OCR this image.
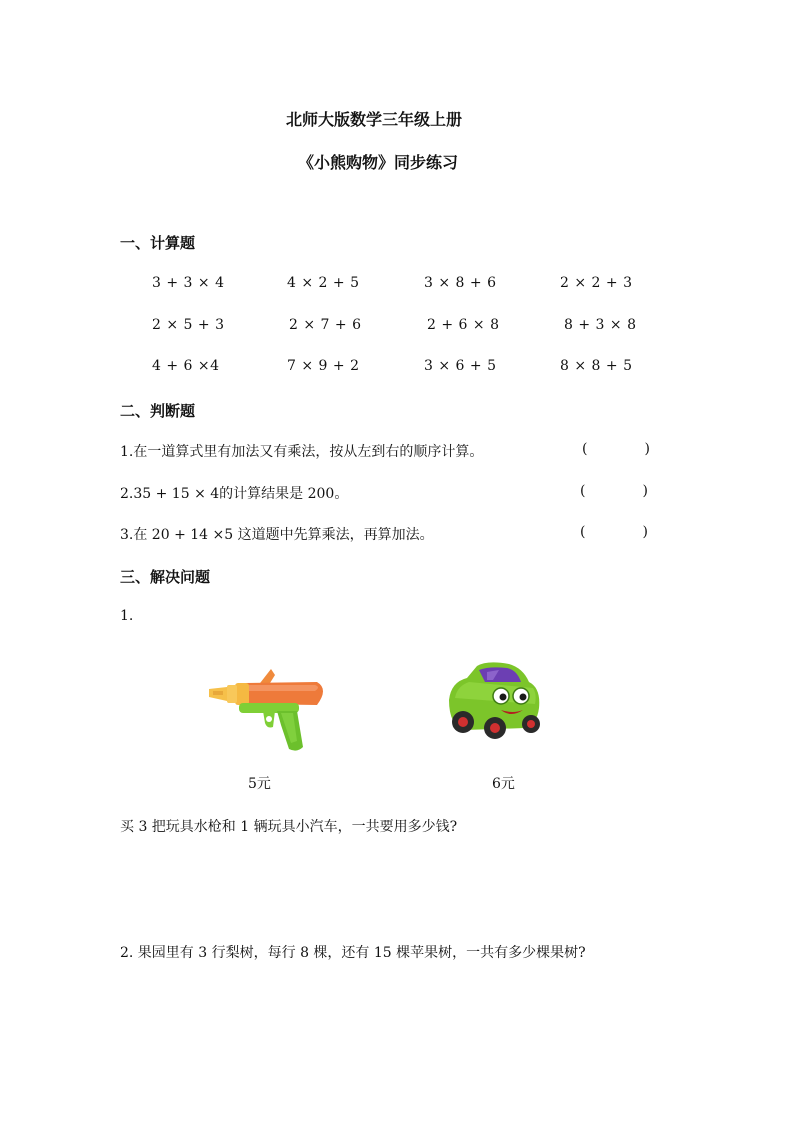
北师大版数学三年级上册
《小熊购物》同步练习
一、计算题
3 + 3 × 4	4 × 2 + 5	3 × 8 + 6	2 × 2 + 3
2 × 5 + 3	2 × 7 + 6	2 + 6 × 8	8 + 3 × 8
4 + 6 ×4	7 × 9 + 2	3 × 6 + 5	8 × 8 + 5
二、判断题
1.在一道算式里有加法又有乘法，按从左到右的顺序计算。	(	)
2.35 + 15 × 4的计算结果是 200。	(	)
3.在 20 + 14 ×5 这道题中先算乘法，再算加法。	(	)
三、解决问题
1.
5元	6元
买 3 把玩具水枪和 1 辆玩具小汽车，一共要用多少钱?
2. 果园里有 3 行梨树，每行 8 棵，还有 15 棵苹果树，一共有多少棵果树?
